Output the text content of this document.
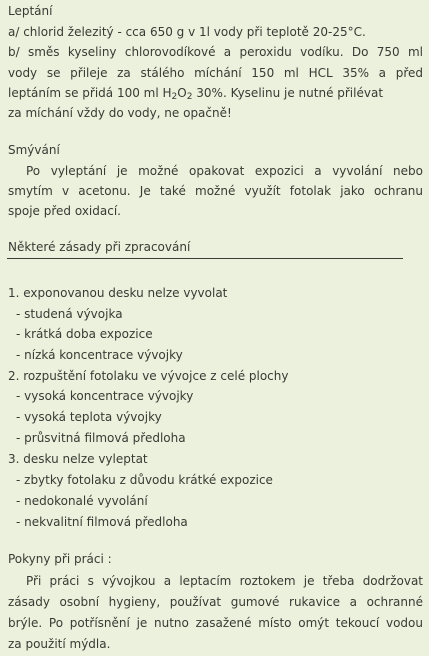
Leptání
a/ chlorid železitý - cca 650 g v 1l vody při teplotě 20-25°C.
b/ směs kyseliny chlorovodíkové a peroxidu vodíku. Do 750 ml
vody se přileje za stálého míchání 150 ml HCL 35% a před
leptáním se přidá 100 ml $H_2O_2$ 30%. Kyselinu je nutné přilévat
za míchání vždy do vody, ne opačně!
Smývání
Po vyleptání je možné opakovat expozici a vyvolání nebo
smytím v acetonu. Je také možné využít fotolak jako ochranu
spoje před oxidací.
Některé zásady při zpracování
1. exponovanou desku nelze vyvolat
- studená vývojka
- krátká doba expozice
- nízká koncentrace vývojky
2. rozpuštění fotolaku ve vývojce z celé plochy
- vysoká koncentrace vývojky
- vysoká teplota vývojky
- průsvitná filmová předloha
3. desku nelze vyleptat
- zbytky fotolaku z důvodu krátké expozice
- nedokonalé vyvolání
- nekvalitní filmová předloha
Pokyny při práci :
Při práci s vývojkou a leptacím roztokem je třeba dodržovat
zásady osobní hygieny, používat gumové rukavice a ochranné
brýle. Po potřísnění je nutno zasažené místo omýt tekoucí vodou
za použití mýdla.
